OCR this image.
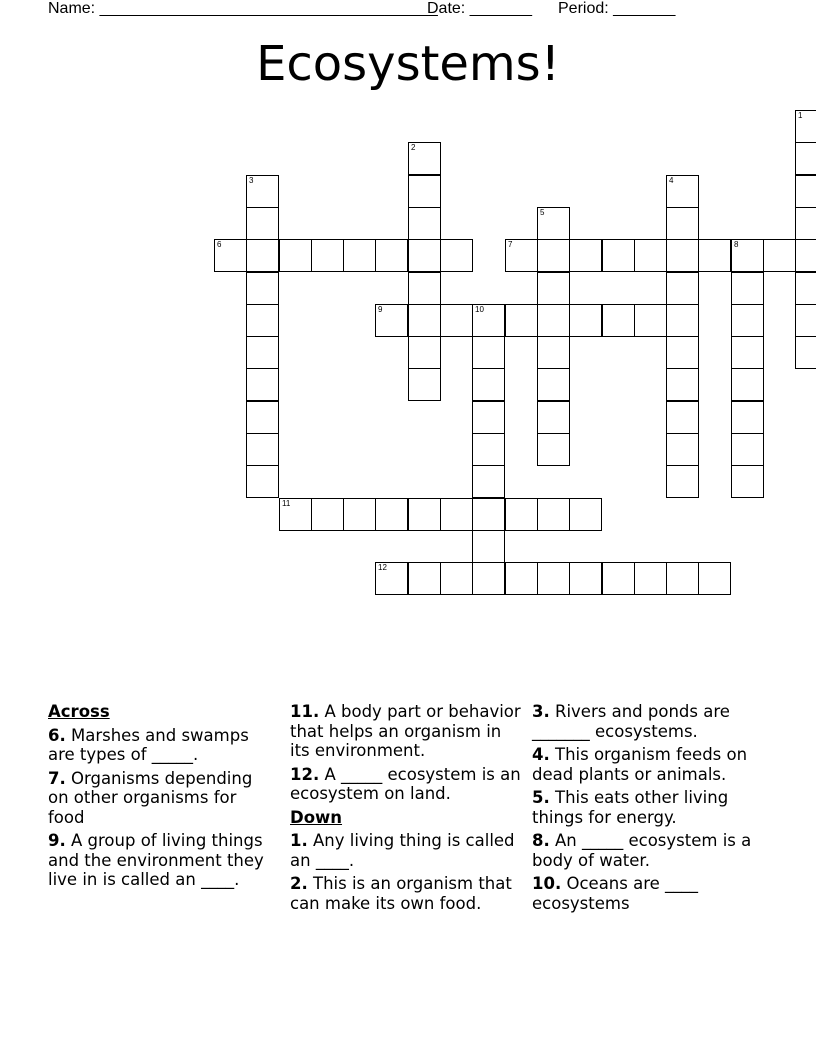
Name: ______________________________________
Date: _______ Period: _______
Ecosystems!
1
2
3	4
5
6	7	8
9	10
11
12
Across
6. Marshes and swamps are types of _____.
7. Organisms depending on other organisms for food
9. A group of living things and the environment they live in is called an ____.
11. A body part or behavior that helps an organism in its environment.
12. A _____ ecosystem is an ecosystem on land.
Down
1. Any living thing is called an ____.
2. This is an organism that can make its own food.
3. Rivers and ponds are _______ ecosystems.
4. This organism feeds on dead plants or animals.
5. This eats other living things for energy.
8. An _____ ecosystem is a body of water.
10. Oceans are ____ ecosystems
